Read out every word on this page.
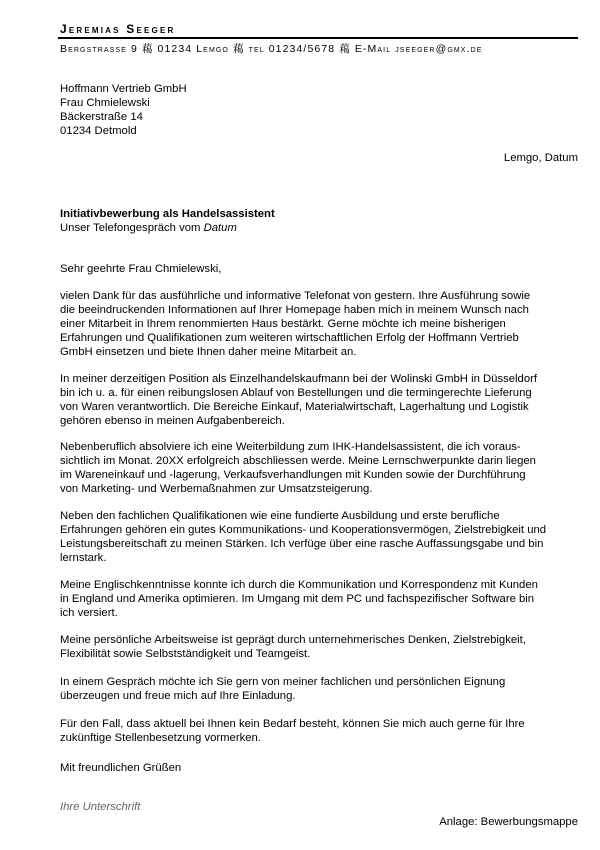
Jeremias Seeger
Bergstrasse 9 藒 01234 Lemgo 藒 tel 01234/5678 藒 E-Mail jseeger@gmx.de
Hoffmann Vertrieb GmbH
Frau Chmielewski
Bäckerstraße 14
01234 Detmold
Lemgo, Datum
Initiativbewerbung als Handelsassistent
Unser Telefongespräch vom Datum
Sehr geehrte Frau Chmielewski,
vielen Dank für das ausführliche und informative Telefonat von gestern. Ihre Ausführung sowie
die beeindruckenden Informationen auf Ihrer Homepage haben mich in meinem Wunsch nach
einer Mitarbeit in Ihrem renommierten Haus bestärkt. Gerne möchte ich meine bisherigen
Erfahrungen und Qualifikationen zum weiteren wirtschaftlichen Erfolg der Hoffmann Vertrieb
GmbH einsetzen und biete Ihnen daher meine Mitarbeit an.
In meiner derzeitigen Position als Einzelhandelskaufmann bei der Wolinski GmbH in Düsseldorf
bin ich u. a. für einen reibungslosen Ablauf von Bestellungen und die termingerechte Lieferung
von Waren verantwortlich. Die Bereiche Einkauf, Materialwirtschaft, Lagerhaltung und Logistik
gehören ebenso in meinen Aufgabenbereich.
Nebenberuflich absolviere ich eine Weiterbildung zum IHK-Handelsassistent, die ich voraus-
sichtlich im Monat. 20XX erfolgreich abschliessen werde. Meine Lernschwerpunkte darin liegen
im Wareneinkauf und -lagerung, Verkaufsverhandlungen mit Kunden sowie der Durchführung
von Marketing- und Werbemaßnahmen zur Umsatzsteigerung.
Neben den fachlichen Qualifikationen wie eine fundierte Ausbildung und erste berufliche
Erfahrungen gehören ein gutes Kommunikations- und Kooperationsvermögen, Zielstrebigkeit und
Leistungsbereitschaft zu meinen Stärken. Ich verfüge über eine rasche Auffassungsgabe und bin
lernstark.
Meine Englischkenntnisse konnte ich durch die Kommunikation und Korrespondenz mit Kunden
in England und Amerika optimieren. Im Umgang mit dem PC und fachspezifischer Software bin
ich versiert.
Meine persönliche Arbeitsweise ist geprägt durch unternehmerisches Denken, Zielstrebigkeit,
Flexibilität sowie Selbstständigkeit und Teamgeist.
In einem Gespräch möchte ich Sie gern von meiner fachlichen und persönlichen Eignung
überzeugen und freue mich auf Ihre Einladung.
Für den Fall, dass aktuell bei Ihnen kein Bedarf besteht, können Sie mich auch gerne für Ihre
zukünftige Stellenbesetzung vormerken.
Mit freundlichen Grüßen
Ihre Unterschrift
Anlage: Bewerbungsmappe
